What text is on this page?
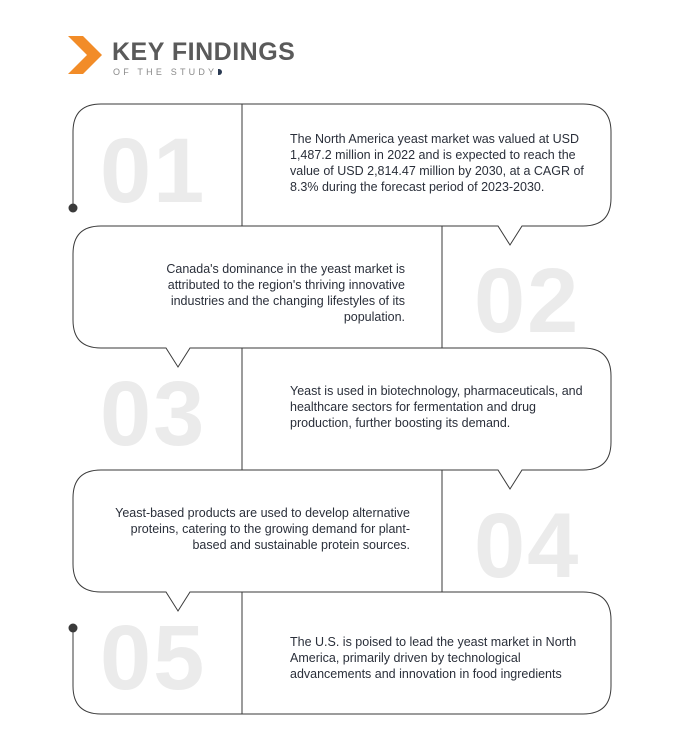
KEY FINDINGS
OF THE STUDY
01
02
03
04
05
The North America yeast market was valued at USD 1,487.2 million in 2022 and is expected to reach the value of USD 2,814.47 million by 2030, at a CAGR of 8.3% during the forecast period of 2023-2030.
Canada's dominance in the yeast market is attributed to the region's thriving innovative industries and the changing lifestyles of its population.
Yeast is used in biotechnology, pharmaceuticals, and healthcare sectors for fermentation and drug production, further boosting its demand.
Yeast-based products are used to develop alternative proteins, catering to the growing demand for plant-based and sustainable protein sources.
The U.S. is poised to lead the yeast market in North America, primarily driven by technological advancements and innovation in food ingredients
